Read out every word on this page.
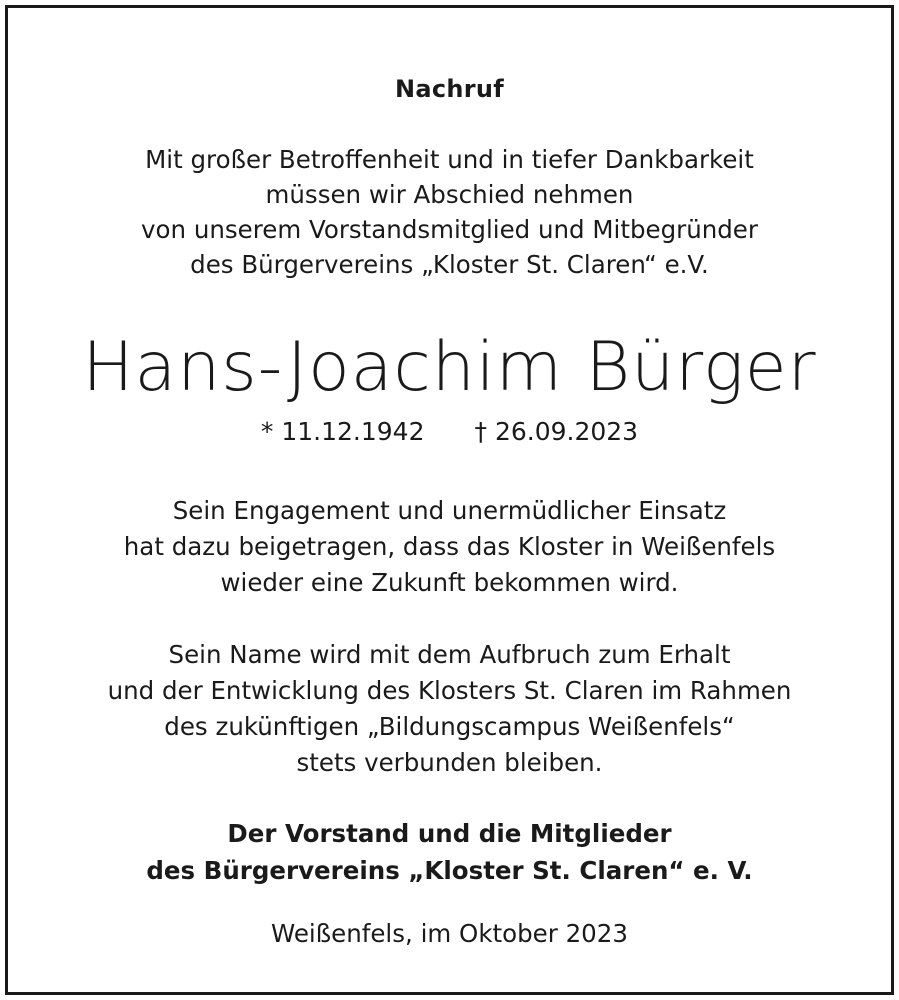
Nachruf
Mit großer Betroffenheit und in tiefer Dankbarkeit
müssen wir Abschied nehmen
von unserem Vorstandsmitglied und Mitbegründer
des Bürgervereins „Kloster St. Claren“ e.V.
Hans-Joachim Bürger
* 11.12.1942 † 26.09.2023
Sein Engagement und unermüdlicher Einsatz
hat dazu beigetragen, dass das Kloster in Weißenfels
wieder eine Zukunft bekommen wird.
Sein Name wird mit dem Aufbruch zum Erhalt
und der Entwicklung des Klosters St. Claren im Rahmen
des zukünftigen „Bildungscampus Weißenfels“
stets verbunden bleiben.
Der Vorstand und die Mitglieder
des Bürgervereins „Kloster St. Claren“ e. V.
Weißenfels, im Oktober 2023
